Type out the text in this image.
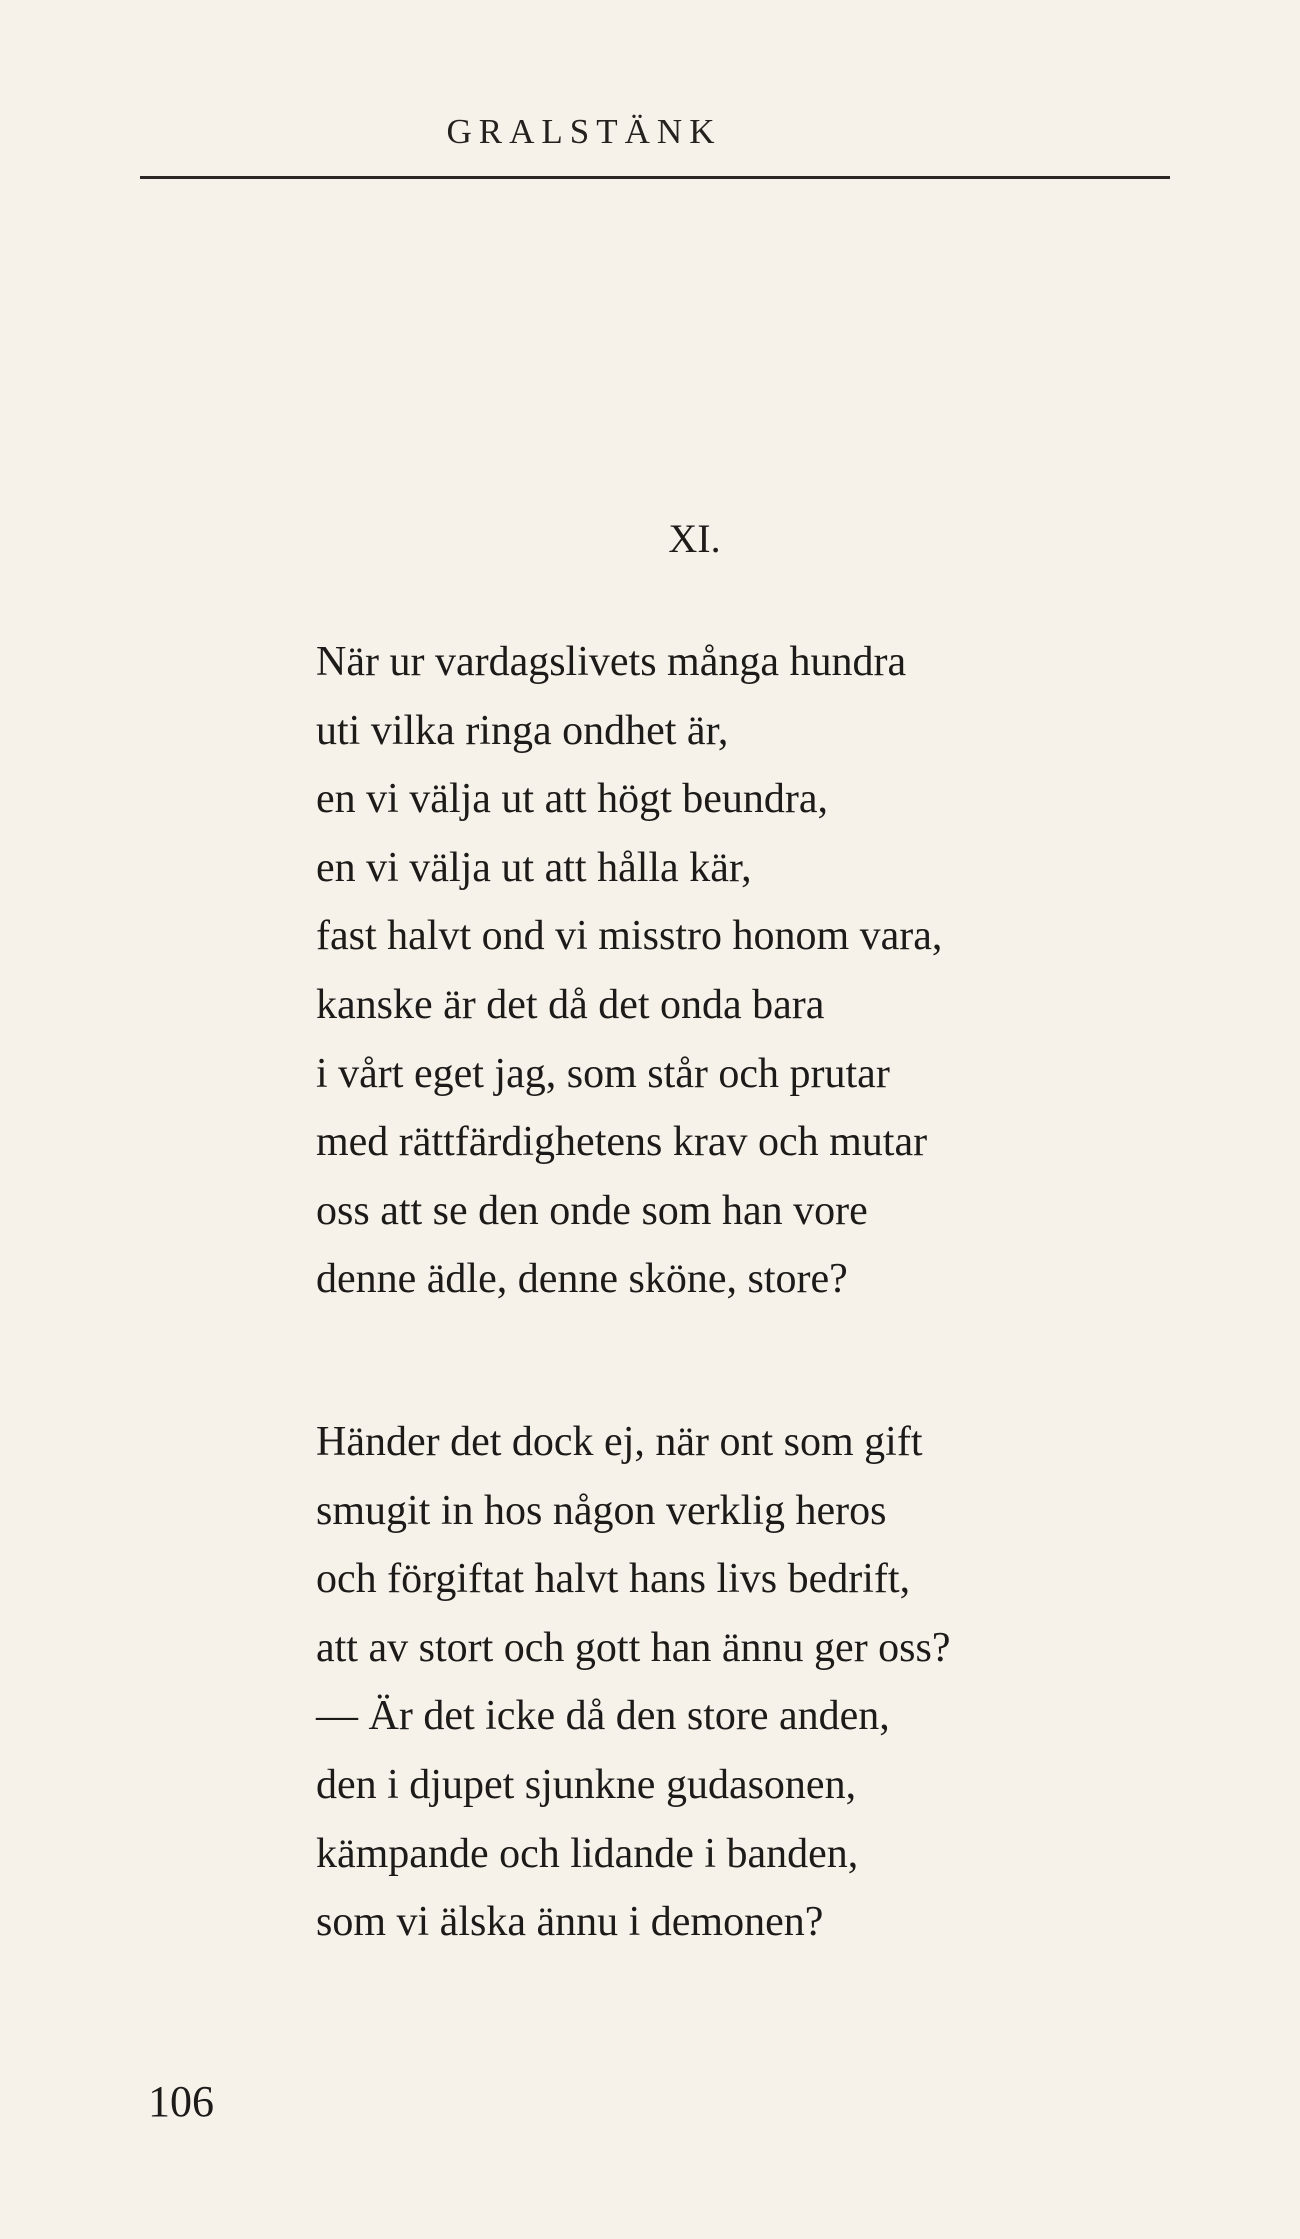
GRALSTÄNK
XI.
När ur vardagslivets många hundra
uti vilka ringa ondhet är,
en vi välja ut att högt beundra,
en vi välja ut att hålla kär,
fast halvt ond vi misstro honom vara,
kanske är det då det onda bara
i vårt eget jag, som står och prutar
med rättfärdighetens krav och mutar
oss att se den onde som han vore
denne ädle, denne sköne, store?
Händer det dock ej, när ont som gift
smugit in hos någon verklig heros
och förgiftat halvt hans livs bedrift,
att av stort och gott han ännu ger oss?
— Är det icke då den store anden,
den i djupet sjunkne gudasonen,
kämpande och lidande i banden,
som vi älska ännu i demonen?
106
